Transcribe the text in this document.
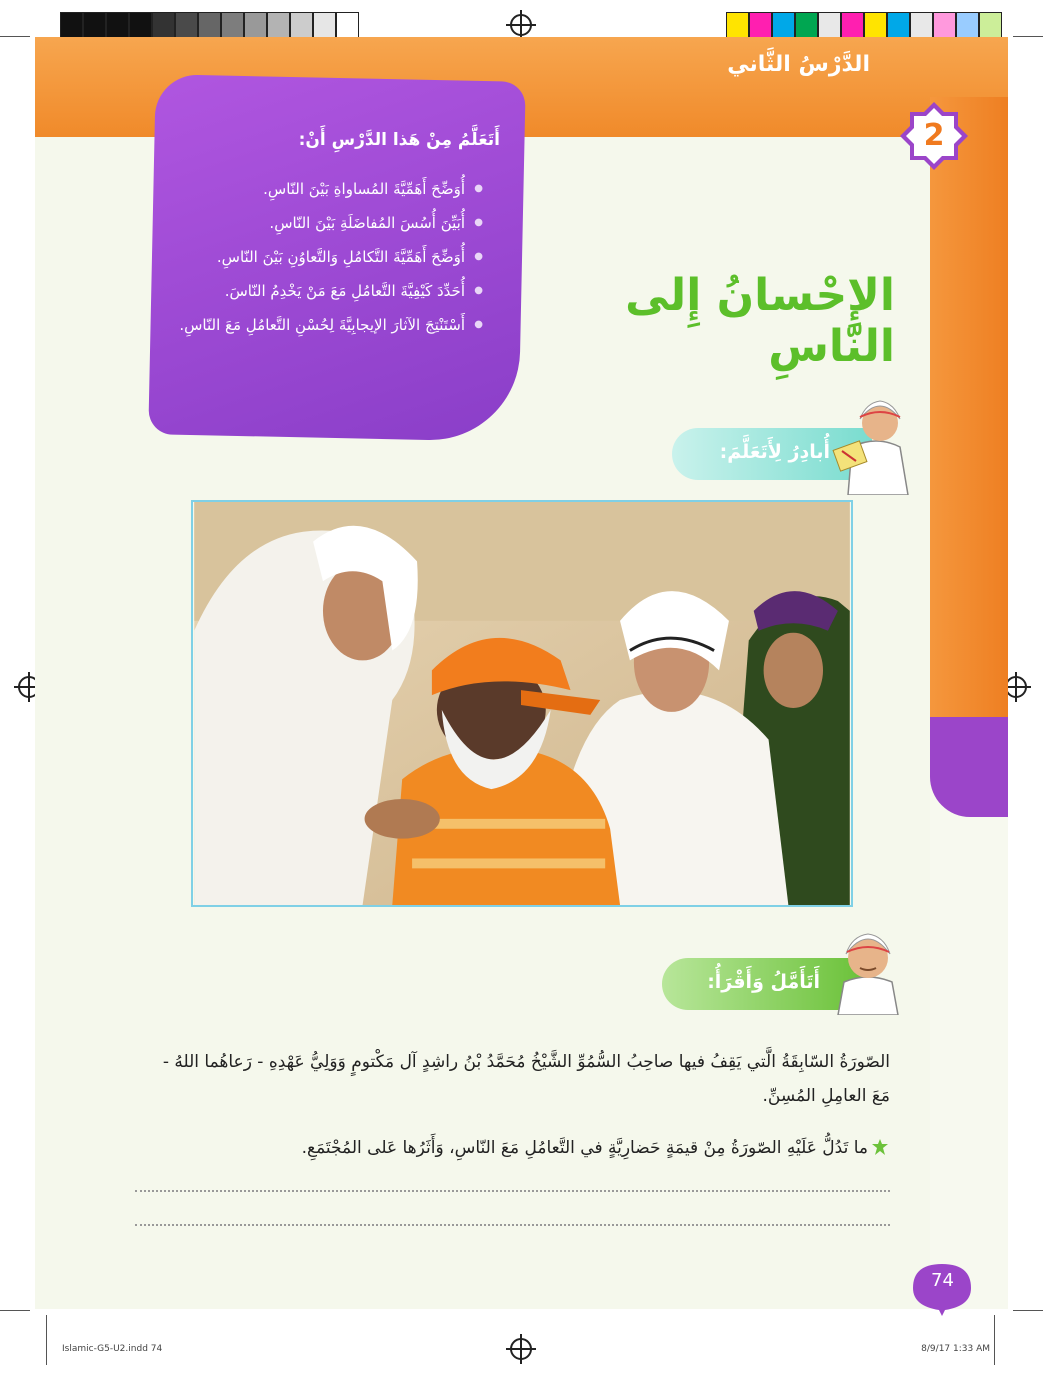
الدَّرْسُ الثَّاني
2
أَتَعَلَّمُ مِنْ هَذا الدَّرْسِ أَنْ:
● أُوَضِّحَ أَهَمِّيَّةَ المُساواةِ بَيْنَ النّاسِ.
● أُبَيِّنَ أُسُسَ المُفاضَلَةِ بَيْنَ النّاسِ.
● أُوَضِّحَ أَهَمِّيَّةَ التَّكامُلِ وَالتَّعاوُنِ بَيْنَ النّاسِ.
● أُحَدِّدَ كَيْفِيَّةَ التَّعامُلِ مَعَ مَنْ يَخْدِمُ النّاسَ.
● أَسْتَنْتِجَ الآثارَ الإيجابِيَّةَ لِحُسْنِ التَّعامُلِ مَعَ النّاسِ.
الإِحْسانُ إِلى النّاسِ
أُبادِرُ لِأَتَعَلَّمَ:
أَتَأَمَّلُ وَأَقْرَأُ:

الصّورَةُ السّابِقَةُ الَّتي يَقِفُ فيها صاحِبُ السُّمُوِّ الشَّيْخُ مُحَمَّدُ بْنُ راشِدٍ آل مَكْتومٍ وَوَلِيُّ عَهْدِهِ - رَعاهُما اللهُ - مَعَ العامِلِ المُسِنِّ.

ما تَدُلُّ عَلَيْهِ الصّورَةُ مِنْ قيمَةٍ حَضارِيَّةٍ في التَّعامُلِ مَعَ النّاسِ، وَأَثَرُها عَلى المُجْتَمَعِ.

74
Islamic-G5-U2.indd 74	8/9/17 1:33 AM
